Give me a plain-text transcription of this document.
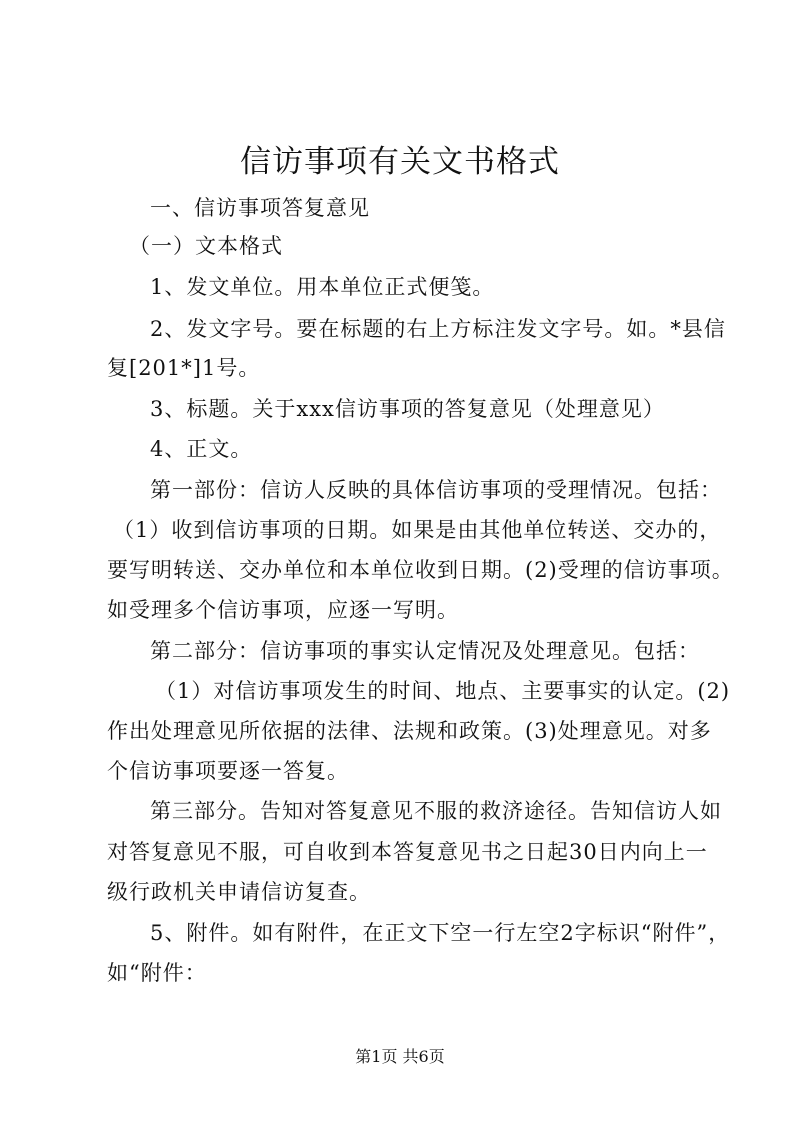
信访事项有关文书格式
一、信访事项答复意见
（一）文本格式
1、发文单位。用本单位正式便笺。
2、发文字号。要在标题的右上方标注发文字号。如。*县信
复[201*]1号。
3、标题。关于xxx信访事项的答复意见（处理意见）
4、正文。
第一部份：信访人反映的具体信访事项的受理情况。包括：
（1）收到信访事项的日期。如果是由其他单位转送、交办的，
要写明转送、交办单位和本单位收到日期。(2)受理的信访事项。
如受理多个信访事项，应逐一写明。
第二部分：信访事项的事实认定情况及处理意见。包括：
（1）对信访事项发生的时间、地点、主要事实的认定。(2)
作出处理意见所依据的法律、法规和政策。(3)处理意见。对多
个信访事项要逐一答复。
第三部分。告知对答复意见不服的救济途径。告知信访人如
对答复意见不服，可自收到本答复意见书之日起30日内向上一
级行政机关申请信访复查。
5、附件。如有附件，在正文下空一行左空2字标识“附件”，
如“附件：
第1页 共6页
